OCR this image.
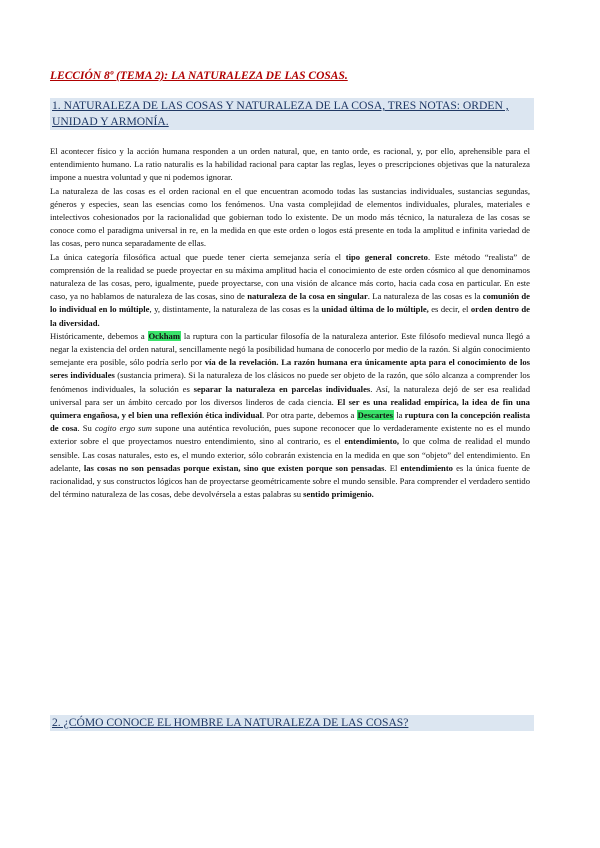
LECCIÓN 8º (TEMA 2): LA NATURALEZA DE LAS COSAS.
1. NATURALEZA DE LAS COSAS Y NATURALEZA DE LA COSA, TRES NOTAS: ORDEN , UNIDAD Y ARMONÍA.

El acontecer físico y la acción humana responden a un orden natural, que, en tanto orde, es racional, y, por ello, aprehensible para el entendimiento humano. La ratio naturalis es la habilidad racional para captar las reglas, leyes o prescripciones objetivas que la naturaleza impone a nuestra voluntad y que ni podemos ignorar.

La naturaleza de las cosas es el orden racional en el que encuentran acomodo todas las sustancias individuales, sustancias segundas, géneros y especies, sean las esencias como los fenómenos. Una vasta complejidad de elementos individuales, plurales, materiales e intelectivos cohesionados por la racionalidad que gobiernan todo lo existente. De un modo más técnico, la naturaleza de las cosas se conoce como el paradigma universal in re, en la medida en que este orden o logos está presente en toda la amplitud e infinita variedad de las cosas, pero nunca separadamente de ellas.

La única categoría filosófica actual que puede tener cierta semejanza sería el tipo general concreto. Este método “realista” de comprensión de la realidad se puede proyectar en su máxima amplitud hacia el conocimiento de este orden cósmico al que denominamos naturaleza de las cosas, pero, igualmente, puede proyectarse, con una visión de alcance más corto, hacia cada cosa en particular. En este caso, ya no hablamos de naturaleza de las cosas, sino de naturaleza de la cosa en singular. La naturaleza de las cosas es la comunión de lo individual en lo múltiple, y, distintamente, la naturaleza de las cosas es la unidad última de lo múltiple, es decir, el orden dentro de la diversidad.

Históricamente, debemos a Ockham la ruptura con la particular filosofía de la naturaleza anterior. Este filósofo medieval nunca llegó a negar la existencia del orden natural, sencillamente negó la posibilidad humana de conocerlo por medio de la razón. Si algún conocimiento semejante era posible, sólo podría serlo por vía de la revelación. La razón humana era únicamente apta para el conocimiento de los seres individuales (sustancia primera). Si la naturaleza de los clásicos no puede ser objeto de la razón, que sólo alcanza a comprender los fenómenos individuales, la solución es separar la naturaleza en parcelas individuales. Así, la naturaleza dejó de ser esa realidad universal para ser un ámbito cercado por los diversos linderos de cada ciencia. El ser es una realidad empírica, la idea de fin una quimera engañosa, y el bien una reflexión ética individual. Por otra parte, debemos a Descartes la ruptura con la concepción realista de cosa. Su cogito ergo sum supone una auténtica revolución, pues supone reconocer que lo verdaderamente existente no es el mundo exterior sobre el que proyectamos nuestro entendimiento, sino al contrario, es el entendimiento, lo que colma de realidad el mundo sensible. Las cosas naturales, esto es, el mundo exterior, sólo cobrarán existencia en la medida en que son “objeto” del entendimiento. En adelante, las cosas no son pensadas porque existan, sino que existen porque son pensadas. El entendimiento es la única fuente de racionalidad, y sus constructos lógicos han de proyectarse geométricamente sobre el mundo sensible. Para comprender el verdadero sentido del término naturaleza de las cosas, debe devolvérsela a estas palabras su sentido primigenio.

2. ¿CÓMO CONOCE EL HOMBRE LA NATURALEZA DE LAS COSAS?
